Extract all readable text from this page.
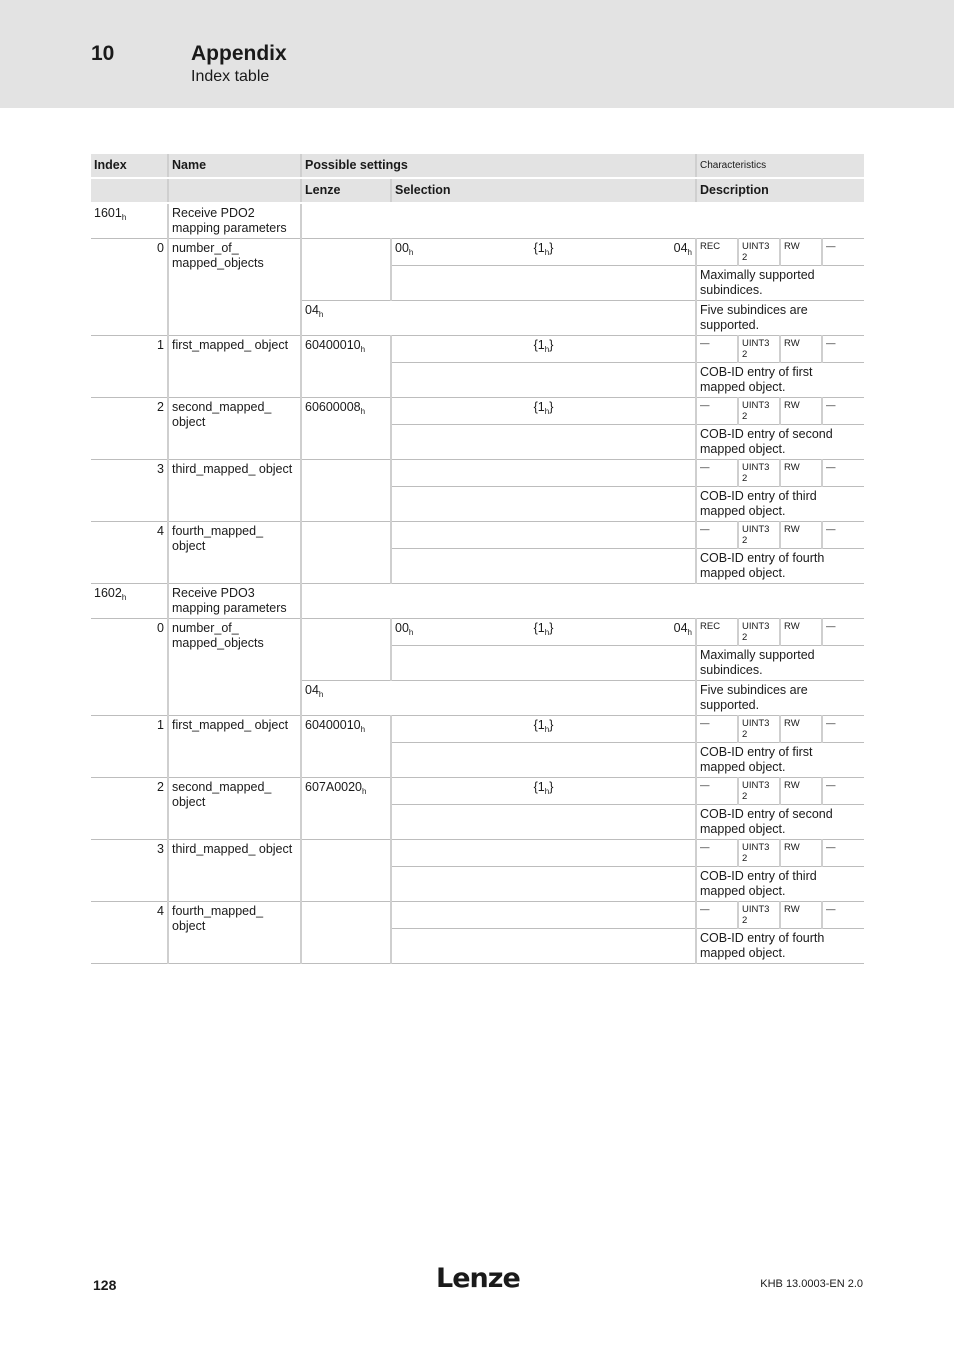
10	Appendix
Index table
Index	Name	Possible settings		Characteristics			
		Lenze	Selection	Description			
$1601_h$	Receive PDO2 mapping parameters						
0	number_of_ mapped_objects		$00_h$ $\{1_h\}$ $04_h$	REC	UINT3 2	RW	—
				Maximally supported subindices.			
		$04_h$		Five subindices are supported.			
1	first_mapped_ object	$60400010_h$	$\{1_h\}$	—	UINT3 2	RW	—
				COB-ID entry of first mapped object.			
2	second_mapped_ object	$60600008_h$	$\{1_h\}$	—	UINT3 2	RW	—
				COB-ID entry of second mapped object.			
3	third_mapped_ object			—	UINT3 2	RW	—
				COB-ID entry of third mapped object.			
4	fourth_mapped_ object			—	UINT3 2	RW	—
				COB-ID entry of fourth mapped object.			
$1602_h$	Receive PDO3 mapping parameters						
0	number_of_ mapped_objects		$00_h$ $\{1_h\}$ $04_h$	REC	UINT3 2	RW	—
				Maximally supported subindices.			
		$04_h$		Five subindices are supported.			
1	first_mapped_ object	$60400010_h$	$\{1_h\}$	—	UINT3 2	RW	—
				COB-ID entry of first mapped object.			
2	second_mapped_ object	$607A0020_h$	$\{1_h\}$	—	UINT3 2	RW	—
				COB-ID entry of second mapped object.			
3	third_mapped_ object			—	UINT3 2	RW	—
				COB-ID entry of third mapped object.			
4	fourth_mapped_ object			—	UINT3 2	RW	—
				COB-ID entry of fourth mapped object.			
128	Lenze	KHB 13.0003-EN 2.0
